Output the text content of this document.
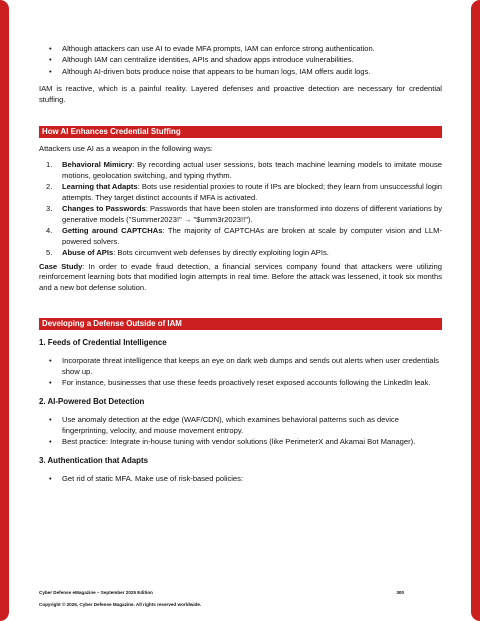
• Although attackers can use AI to evade MFA prompts, IAM can enforce strong authentication.
• Although IAM can centralize identities, APIs and shadow apps introduce vulnerabilities.
• Although AI-driven bots produce noise that appears to be human logs, IAM offers audit logs.

IAM is reactive, which is a painful reality. Layered defenses and proactive detection are necessary for credential stuffing.

How AI Enhances Credential Stuffing

Attackers use AI as a weapon in the following ways:

1. Behavioral Mimicry: By recording actual user sessions, bots teach machine learning models to imitate mouse motions, geolocation switching, and typing rhythm.
2. Learning that Adapts: Bots use residential proxies to route if IPs are blocked; they learn from unsuccessful login attempts. They target distinct accounts if MFA is activated.
3. Changes to Passwords: Passwords that have been stolen are transformed into dozens of different variations by generative models ("Summer2023!" → "$umm3r2023!!").
4. Getting around CAPTCHAs: The majority of CAPTCHAs are broken at scale by computer vision and LLM-powered solvers.
5. Abuse of APIs: Bots circumvent web defenses by directly exploiting login APIs.

Case Study: In order to evade fraud detection, a financial services company found that attackers were utilizing reinforcement learning bots that modified login attempts in real time. Before the attack was lessened, it took six months and a new bot defense solution.

Developing a Defense Outside of IAM
1. Feeds of Credential Intelligence
• Incorporate threat intelligence that keeps an eye on dark web dumps and sends out alerts when user credentials show up.
• For instance, businesses that use these feeds proactively reset exposed accounts following the LinkedIn leak.
2. AI-Powered Bot Detection
• Use anomaly detection at the edge (WAF/CDN), which examines behavioral patterns such as device fingerprinting, velocity, and mouse movement entropy.
• Best practice: Integrate in-house tuning with vendor solutions (like PerimeterX and Akamai Bot Manager).
3. Authentication that Adapts
• Get rid of static MFA. Make use of risk-based policies:
Cyber Defense eMagazine – September 2025 Edition	300
Copyright © 2025, Cyber Defense Magazine. All rights reserved worldwide.
